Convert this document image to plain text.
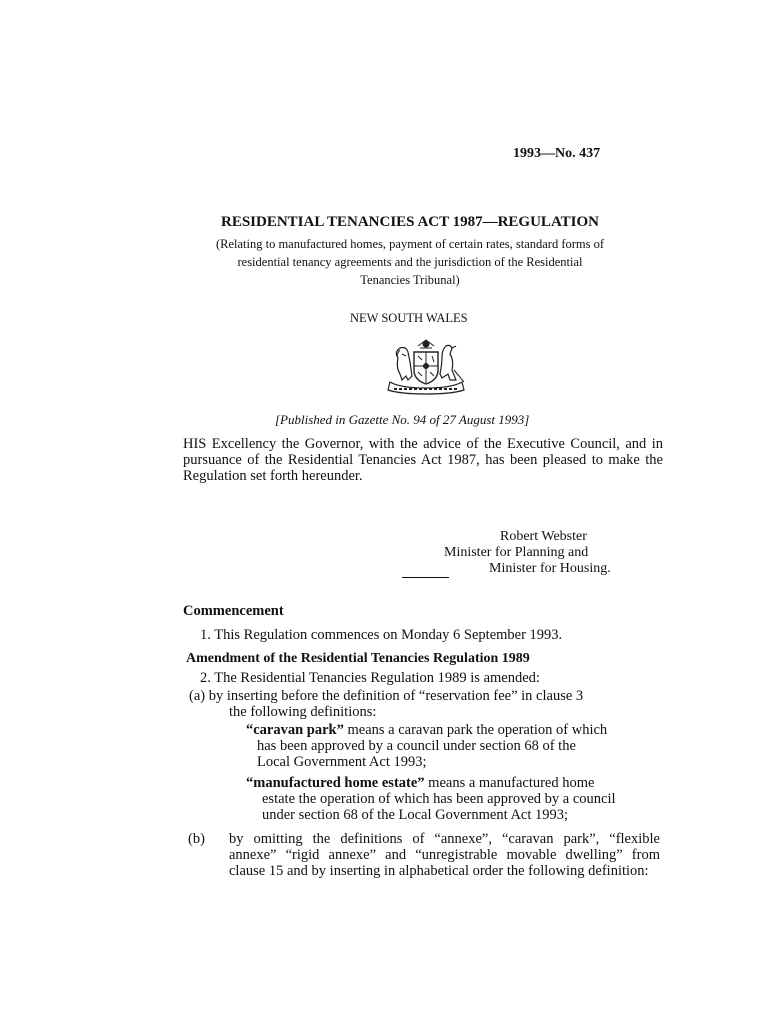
1993—No. 437
RESIDENTIAL TENANCIES ACT 1987—REGULATION
(Relating to manufactured homes, payment of certain rates, standard forms of
residential tenancy agreements and the jurisdiction of the Residential
Tenancies Tribunal)
NEW SOUTH WALES
[Published in Gazette No. 94 of 27 August 1993]
HIS Excellency the Governor, with the advice of the Executive Council, and in pursuance of the Residential Tenancies Act 1987, has been pleased to make the Regulation set forth hereunder.
Robert Webster
Minister for Planning and
Minister for Housing.
Commencement
1. This Regulation commences on Monday 6 September 1993.
Amendment of the Residential Tenancies Regulation 1989
2. The Residential Tenancies Regulation 1989 is amended:
(a) by inserting before the definition of “reservation fee” in clause 3
the following definitions:
“caravan park” means a caravan park the operation of which
has been approved by a council under section 68 of the
Local Government Act 1993;
“manufactured home estate” means a manufactured home
estate the operation of which has been approved by a council
under section 68 of the Local Government Act 1993;
(b)	by omitting the definitions of “annexe”, “caravan park”, “flexible annexe” “rigid annexe” and “unregistrable movable dwelling” from clause 15 and by inserting in alphabetical order the following definition:
